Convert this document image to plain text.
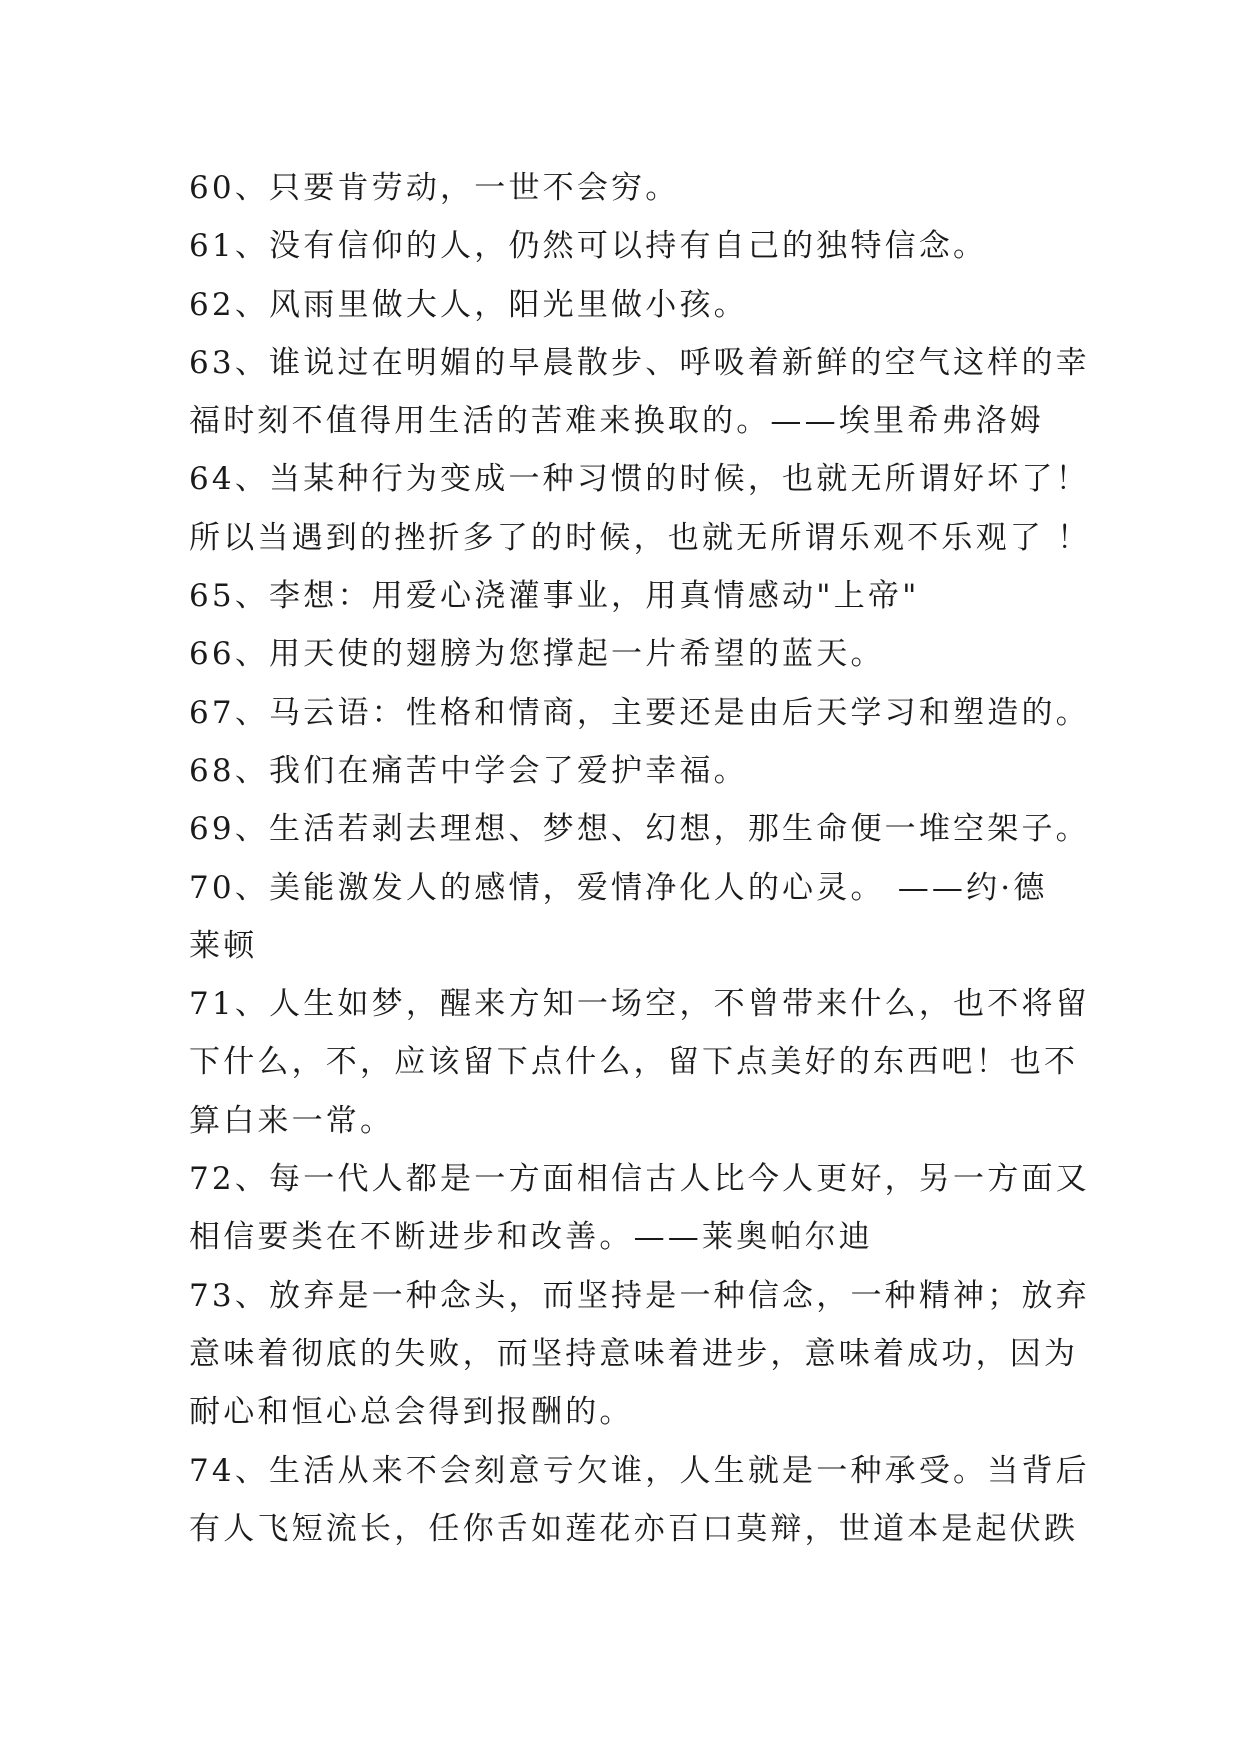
60、只要肯劳动，一世不会穷。
61、没有信仰的人，仍然可以持有自己的独特信念。
62、风雨里做大人，阳光里做小孩。
63、谁说过在明媚的早晨散步、呼吸着新鲜的空气这样的幸
福时刻不值得用生活的苦难来换取的。——埃里希弗洛姆
64、当某种行为变成一种习惯的时候，也就无所谓好坏了！
所以当遇到的挫折多了的时候，也就无所谓乐观不乐观了 ！
65、李想：用爱心浇灌事业，用真情感动"上帝"
66、用天使的翅膀为您撑起一片希望的蓝天。
67、马云语：性格和情商，主要还是由后天学习和塑造的。
68、我们在痛苦中学会了爱护幸福。
69、生活若剥去理想、梦想、幻想，那生命便一堆空架子。
70、美能激发人的感情，爱情净化人的心灵。 ——约·德
莱顿
71、人生如梦，醒来方知一场空，不曾带来什么，也不将留
下什么，不，应该留下点什么，留下点美好的东西吧！也不
算白来一常。
72、每一代人都是一方面相信古人比今人更好，另一方面又
相信要类在不断进步和改善。——莱奥帕尔迪
73、放弃是一种念头，而坚持是一种信念，一种精神；放弃
意味着彻底的失败，而坚持意味着进步，意味着成功，因为
耐心和恒心总会得到报酬的。
74、生活从来不会刻意亏欠谁，人生就是一种承受。当背后
有人飞短流长，任你舌如莲花亦百口莫辩，世道本是起伏跌
